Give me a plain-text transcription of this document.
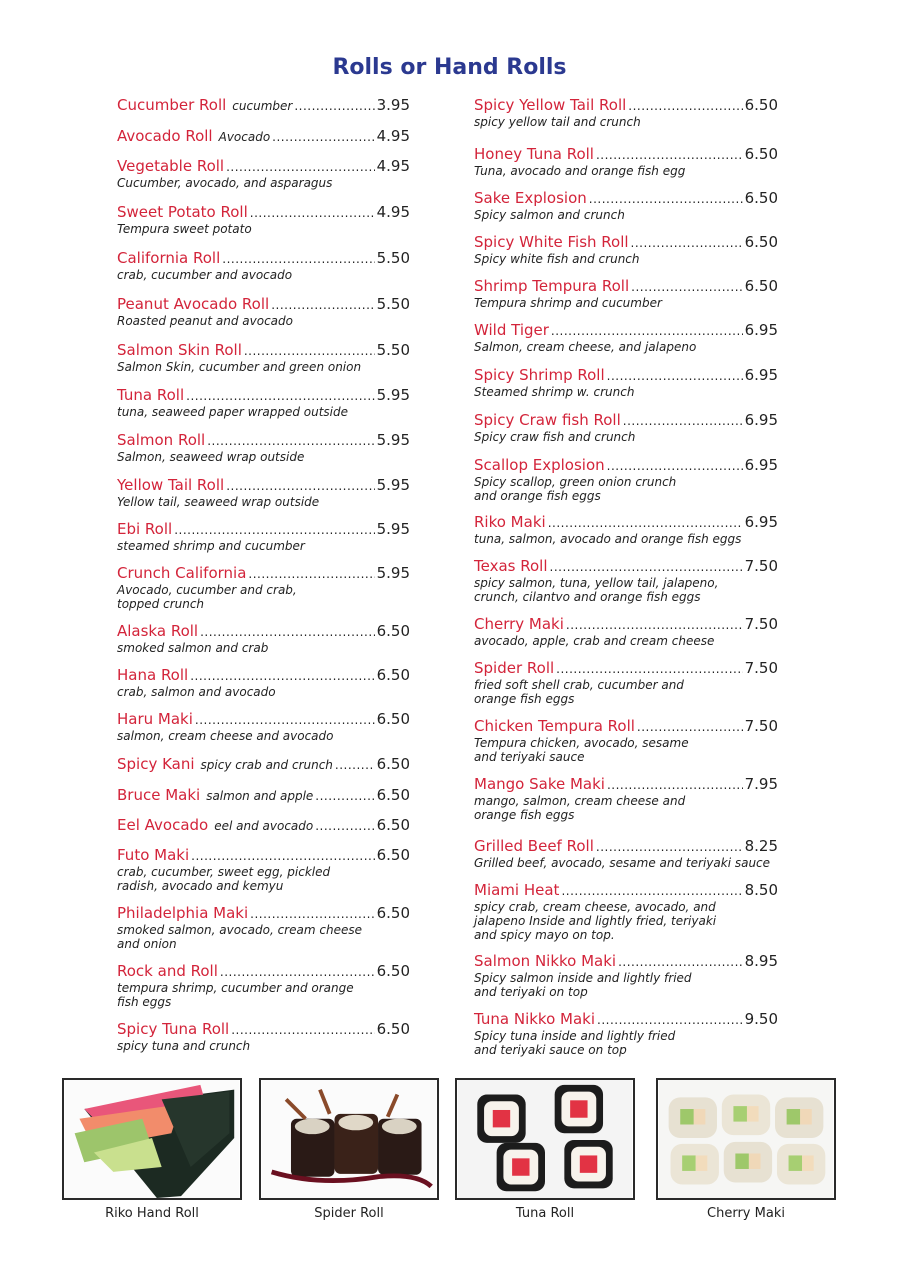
Rolls or Hand Rolls
Cucumber Roll cucumber .....	3.95
Avocado Roll Avocado .....	4.95
Vegetable Roll .....	4.95
Cucumber, avocado, and asparagus
Sweet Potato Roll .....	4.95
Tempura sweet potato
California Roll .....	5.50
crab, cucumber and avocado
Peanut Avocado Roll .....	5.50
Roasted peanut and avocado
Salmon Skin Roll .....	5.50
Salmon Skin, cucumber and green onion
Tuna Roll .....	5.95
tuna, seaweed paper wrapped outside
Salmon Roll .....	5.95
Salmon, seaweed wrap outside
Yellow Tail Roll .....	5.95
Yellow tail, seaweed wrap outside
Ebi Roll .....	5.95
steamed shrimp and cucumber
Crunch California .....	5.95
Avocado, cucumber and crab,
topped crunch
Alaska Roll .....	6.50
smoked salmon and crab
Hana Roll .....	6.50
crab, salmon and avocado
Haru Maki .....	6.50
salmon, cream cheese and avocado
Spicy Kani spicy crab and crunch .....	6.50
Bruce Maki salmon and apple .....	6.50
Eel Avocado eel and avocado .....	6.50
Futo Maki .....	6.50
crab, cucumber, sweet egg, pickled
radish, avocado and kemyu
Philadelphia Maki .....	6.50
smoked salmon, avocado, cream cheese
and onion
Rock and Roll .....	6.50
tempura shrimp, cucumber and orange
fish eggs
Spicy Tuna Roll .....	6.50
spicy tuna and crunch
Spicy Yellow Tail Roll .....	6.50
spicy yellow tail and crunch
Honey Tuna Roll .....	6.50
Tuna, avocado and orange fish egg
Sake Explosion .....	6.50
Spicy salmon and crunch
Spicy White Fish Roll .....	6.50
Spicy white fish and crunch
Shrimp Tempura Roll .....	6.50
Tempura shrimp and cucumber
Wild Tiger .....	6.95
Salmon, cream cheese, and jalapeno
Spicy Shrimp Roll .....	6.95
Steamed shrimp w. crunch
Spicy Craw fish Roll .....	6.95
Spicy craw fish and crunch
Scallop Explosion .....	6.95
Spicy scallop, green onion crunch
and orange fish eggs
Riko Maki .....	6.95
tuna, salmon, avocado and orange fish eggs
Texas Roll .....	7.50
spicy salmon, tuna, yellow tail, jalapeno,
crunch, cilantvo and orange fish eggs
Cherry Maki .....	7.50
avocado, apple, crab and cream cheese
Spider Roll .....	7.50
fried soft shell crab, cucumber and
orange fish eggs
Chicken Tempura Roll .....	7.50
Tempura chicken, avocado, sesame
and teriyaki sauce
Mango Sake Maki .....	7.95
mango, salmon, cream cheese and
orange fish eggs
Grilled Beef Roll .....	8.25
Grilled beef, avocado, sesame and teriyaki sauce
Miami Heat .....	8.50
spicy crab, cream cheese, avocado, and
jalapeno Inside and lightly fried, teriyaki
and spicy mayo on top.
Salmon Nikko Maki .....	8.95
Spicy salmon inside and lightly fried
and teriyaki on top
Tuna Nikko Maki .....	9.50
Spicy tuna inside and lightly fried
and teriyaki sauce on top
Riko Hand Roll	Spider Roll	Tuna Roll	Cherry Maki
